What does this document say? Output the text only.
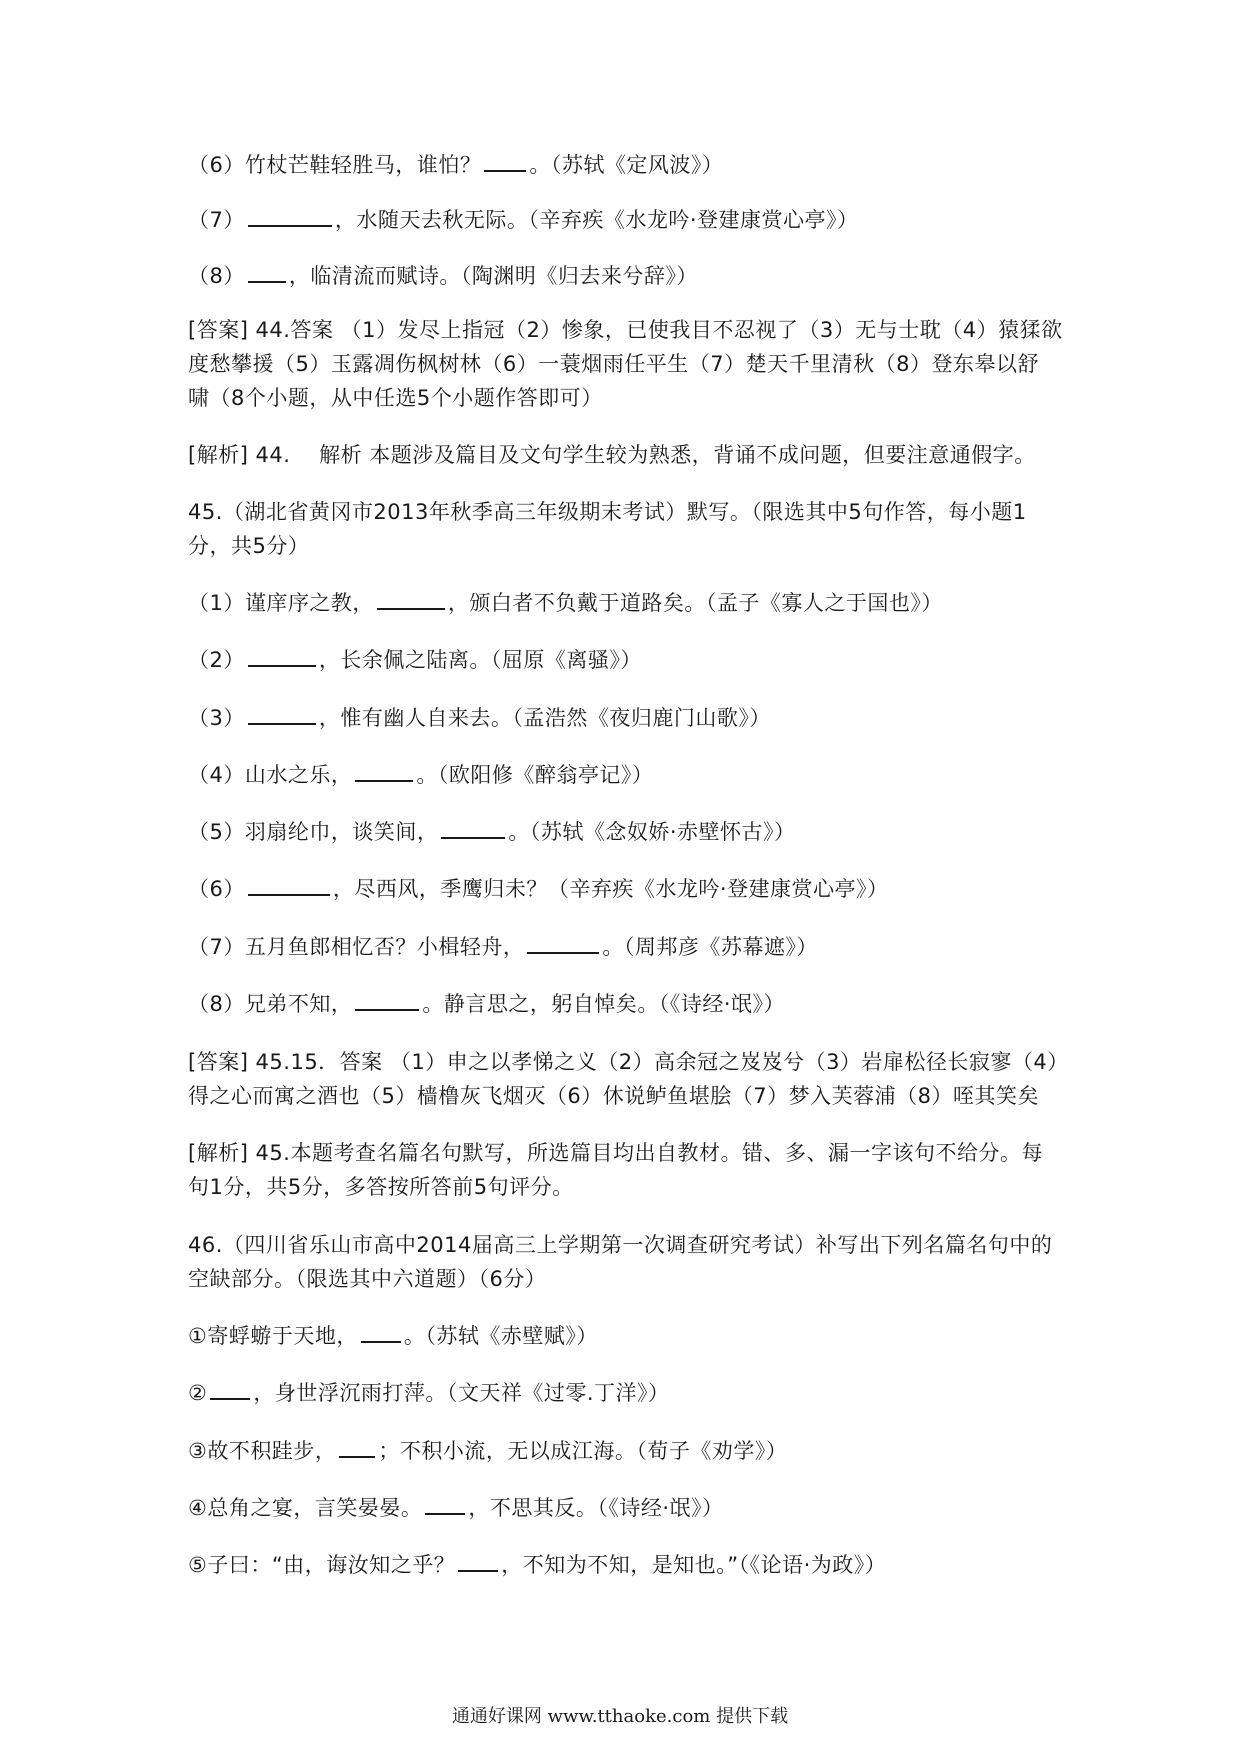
（6）竹杖芒鞋轻胜马，谁怕？ 。（苏轼《定风波》）
（7）	，水随天去秋无际。（辛弃疾《水龙吟·登建康赏心亭》）
（8） ，临清流而赋诗。（陶渊明《归去来兮辞》）
[答案] 44.答案 （1）发尽上指冠（2）惨象，已使我目不忍视了（3）无与士耽（4）猿猱欲
度愁攀援（5）玉露凋伤枫树林（6）一蓑烟雨任平生（7）楚天千里清秋（8）登东皋以舒
啸（8个小题，从中任选5个小题作答即可）
[解析] 44.　 解析 本题涉及篇目及文句学生较为熟悉，背诵不成问题，但要注意通假字。
45.（湖北省黄冈市2013年秋季高三年级期末考试）默写。（限选其中5句作答，每小题1
分，共5分）
（1）谨庠序之教，	，颁白者不负戴于道路矣。（孟子《寡人之于国也》）
（2）	，长余佩之陆离。（屈原《离骚》）
（3）	，惟有幽人自来去。（孟浩然《夜归鹿门山歌》）
（4）山水之乐，	。（欧阳修《醉翁亭记》）
（5）羽扇纶巾，谈笑间，	。（苏轼《念奴娇·赤壁怀古》）
（6）	，尽西风，季鹰归未？（辛弃疾《水龙吟·登建康赏心亭》）
（7）五月鱼郎相忆否？小楫轻舟，	。（周邦彦《苏幕遮》）
（8）兄弟不知，	。静言思之，躬自悼矣。（《诗经·氓》）
[答案] 45.15．答案 （1）申之以孝悌之义（2）高余冠之岌岌兮（3）岩扉松径长寂寥（4）
得之心而寓之酒也（5）樯橹灰飞烟灭（6）休说鲈鱼堪脍（7）梦入芙蓉浦（8）咥其笑矣
[解析] 45.本题考查名篇名句默写，所选篇目均出自教材。错、多、漏一字该句不给分。每
句1分，共5分，多答按所答前5句评分。
46.（四川省乐山市高中2014届高三上学期第一次调查研究考试）补写出下列名篇名句中的
空缺部分。（限选其中六道题）（6分）
①寄蜉蝣于天地， 。（苏轼《赤壁赋》）
② ，身世浮沉雨打萍。（文天祥《过零.丁洋》）
③故不积跬步， ；不积小流，无以成江海。（荀子《劝学》）
④总角之宴，言笑晏晏。 ，不思其反。（《诗经·氓》）
⑤子曰：“由，诲汝知之乎？ ，不知为不知，是知也。”（《论语·为政》）
通通好课网 www.tthaoke.com 提供下载
